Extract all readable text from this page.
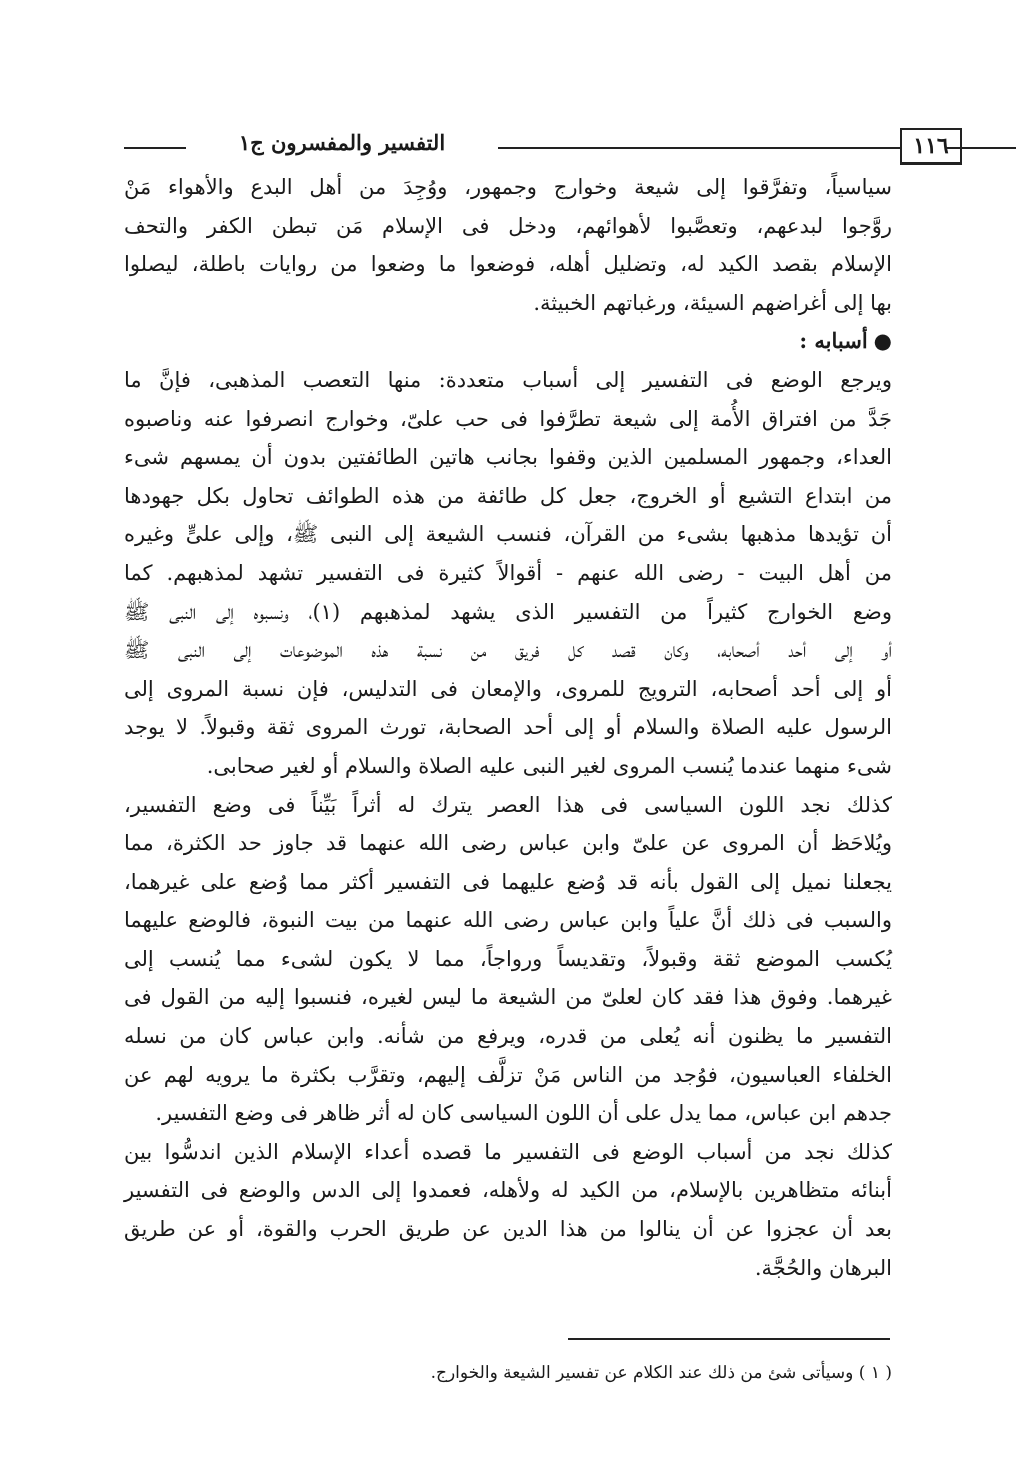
التفسير والمفسرون ج١	١١٦
سياسياً، وتفرَّقوا إلى شيعة وخوارج وجمهور، ووُجِدَ من أهل البدع والأهواء مَنْ
روَّجوا لبدعهم، وتعصَّبوا لأهوائهم، ودخل فى الإسلام مَن تبطن الكفر والتحف
الإسلام بقصد الكيد له، وتضليل أهله، فوضعوا ما وضعوا من روايات باطلة، ليصلوا
بها إلى أغراضهم السيئة، ورغباتهم الخبيثة.
●أسبابه :
ويرجع الوضع فى التفسير إلى أسباب متعددة: منها التعصب المذهبى، فإنَّ ما
جَدَّ من افتراق الأُمة إلى شيعة تطرَّفوا فى حب علىّ، وخوارج انصرفوا عنه وناصبوه
العداء، وجمهور المسلمين الذين وقفوا بجانب هاتين الطائفتين بدون أن يمسهم شىء
من ابتداع التشيع أو الخروج، جعل كل طائفة من هذه الطوائف تحاول بكل جهودها
أن تؤيدها مذهبها بشىء من القرآن، فنسب الشيعة إلى النبى ﷺ، وإلى علىٍّ وغيره
من أهل البيت - رضى الله عنهم - أقوالاً كثيرة فى التفسير تشهد لمذهبهم. كما
وضع الخوارج كثيراً من التفسير الذى يشهد لمذهبهم (١)، ونسبوه إلى النبى ﷺ
أو إلى أحد أصحابه، وكان قصد كل فريق من نسبة هذه الموضوعات إلى النبى ﷺ
أو إلى أحد أصحابه، الترويج للمروى، والإمعان فى التدليس، فإن نسبة المروى إلى
الرسول عليه الصلاة والسلام أو إلى أحد الصحابة، تورث المروى ثقة وقبولاً. لا يوجد
شىء منهما عندما يُنسب المروى لغير النبى عليه الصلاة والسلام أو لغير صحابى.
كذلك نجد اللون السياسى فى هذا العصر يترك له أثراً بَيِّناً فى وضع التفسير،
ويُلاحَظ أن المروى عن علىّ وابن عباس رضى الله عنهما قد جاوز حد الكثرة، مما
يجعلنا نميل إلى القول بأنه قد وُضع عليهما فى التفسير أكثر مما وُضع على غيرهما،
والسبب فى ذلك أنَّ علياً وابن عباس رضى الله عنهما من بيت النبوة، فالوضع عليهما
يُكسب الموضع ثقة وقبولاً، وتقديساً ورواجاً، مما لا يكون لشىء مما يُنسب إلى
غيرهما. وفوق هذا فقد كان لعلىّ من الشيعة ما ليس لغيره، فنسبوا إليه من القول فى
التفسير ما يظنون أنه يُعلى من قدره، ويرفع من شأنه. وابن عباس كان من نسله
الخلفاء العباسيون، فوُجد من الناس مَنْ تزلَّف إليهم، وتقرَّب بكثرة ما يرويه لهم عن
جدهم ابن عباس، مما يدل على أن اللون السياسى كان له أثر ظاهر فى وضع التفسير.
كذلك نجد من أسباب الوضع فى التفسير ما قصده أعداء الإسلام الذين اندسُّوا بين
أبنائه متظاهرين بالإسلام، من الكيد له ولأهله، فعمدوا إلى الدس والوضع فى التفسير
بعد أن عجزوا عن أن ينالوا من هذا الدين عن طريق الحرب والقوة، أو عن طريق
البرهان والحُجَّة.
( ١ ) وسيأتى شئ من ذلك عند الكلام عن تفسير الشيعة والخوارج.
